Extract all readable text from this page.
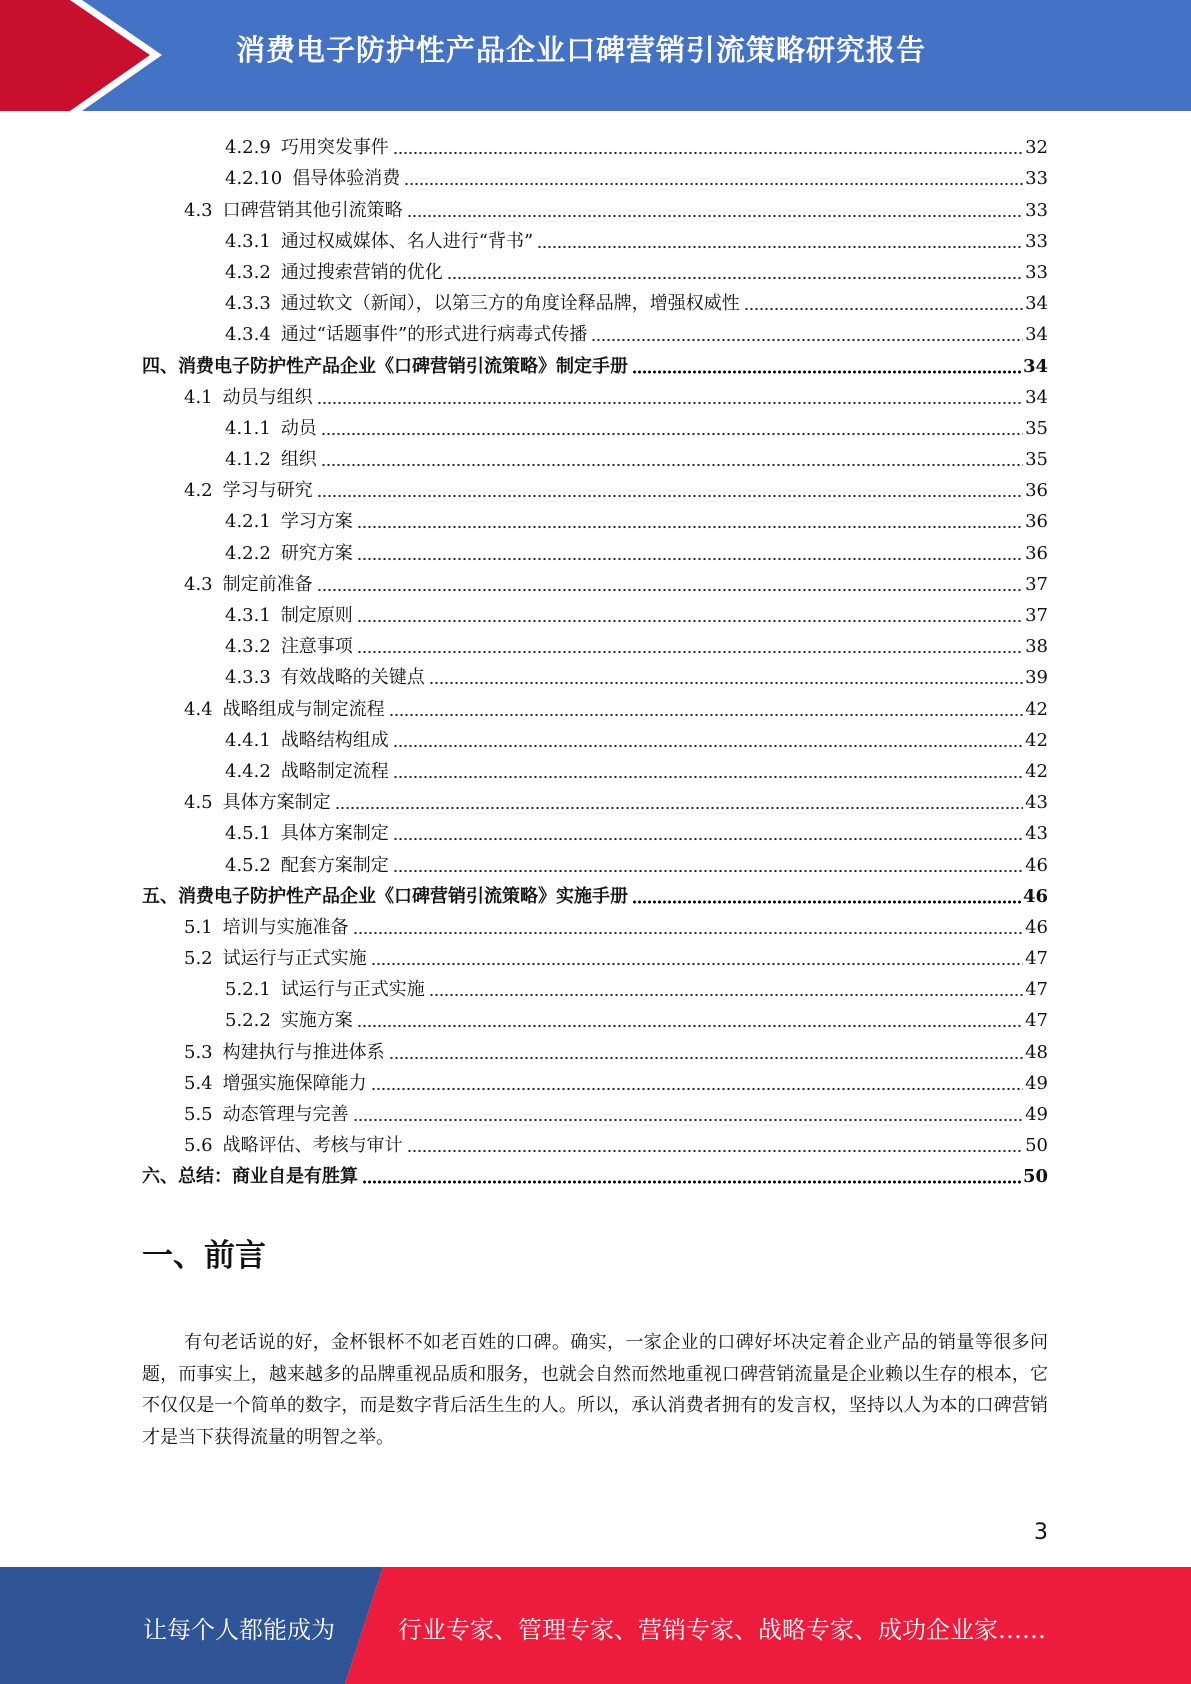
消费电子防护性产品企业口碑营销引流策略研究报告
4.2.9 巧用突发事件	32
4.2.10 倡导体验消费	33
4.3 口碑营销其他引流策略	33
4.3.1 通过权威媒体、名人进行“背书”	33
4.3.2 通过搜索营销的优化	33
4.3.3 通过软文（新闻），以第三方的角度诠释品牌，增强权威性	34
4.3.4 通过“话题事件”的形式进行病毒式传播	34
四、消费电子防护性产品企业《口碑营销引流策略》制定手册	34
4.1 动员与组织	34
4.1.1 动员	35
4.1.2 组织	35
4.2 学习与研究	36
4.2.1 学习方案	36
4.2.2 研究方案	36
4.3 制定前准备	37
4.3.1 制定原则	37
4.3.2 注意事项	38
4.3.3 有效战略的关键点	39
4.4 战略组成与制定流程	42
4.4.1 战略结构组成	42
4.4.2 战略制定流程	42
4.5 具体方案制定	43
4.5.1 具体方案制定	43
4.5.2 配套方案制定	46
五、消费电子防护性产品企业《口碑营销引流策略》实施手册	46
5.1 培训与实施准备	46
5.2 试运行与正式实施	47
5.2.1 试运行与正式实施	47
5.2.2 实施方案	47
5.3 构建执行与推进体系	48
5.4 增强实施保障能力	49
5.5 动态管理与完善	49
5.6 战略评估、考核与审计	50
六、总结：商业自是有胜算	50
一、前言
有句老话说的好，金杯银杯不如老百姓的口碑。确实，一家企业的口碑好坏决定着企业产品的销量等很多问题，而事实上，越来越多的品牌重视品质和服务，也就会自然而然地重视口碑营销流量是企业赖以生存的根本，它不仅仅是一个简单的数字，而是数字背后活生生的人。所以，承认消费者拥有的发言权，坚持以人为本的口碑营销才是当下获得流量的明智之举。
3
让每个人都能成为	行业专家、管理专家、营销专家、战略专家、成功企业家……
